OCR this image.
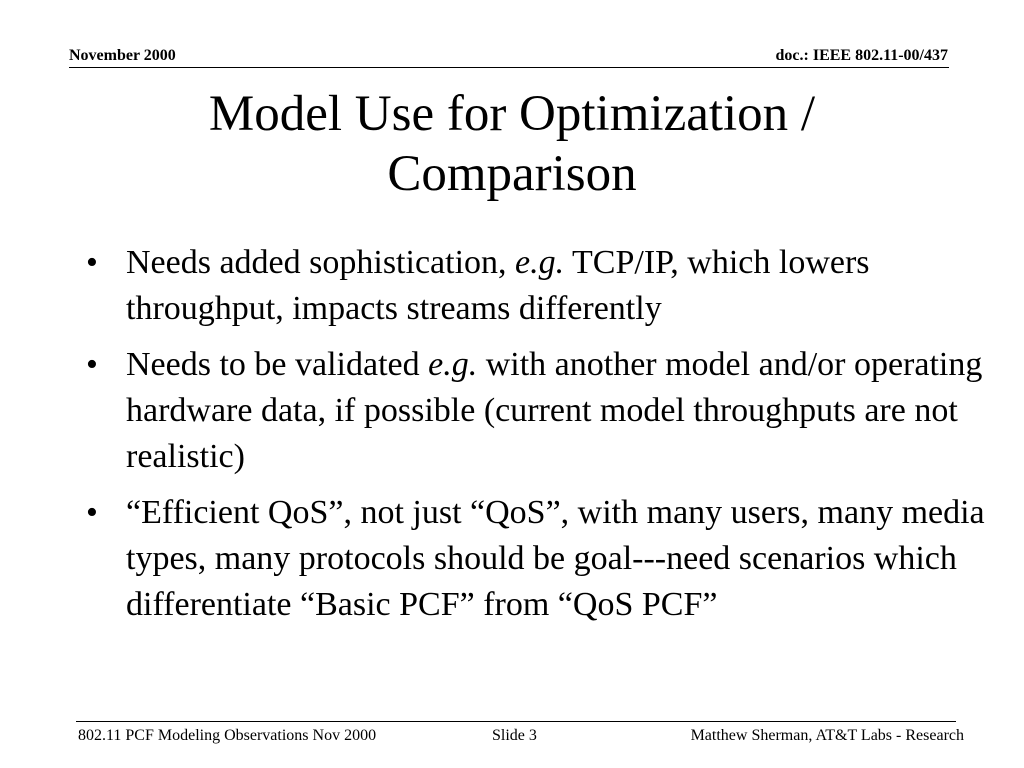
November 2000	doc.: IEEE 802.11-00/437
Model Use for Optimization /
Comparison
• Needs added sophistication, e.g. TCP/IP, which lowers throughput, impacts streams differently
• Needs to be validated e.g. with another model and/or operating hardware data, if possible (current model throughputs are not realistic)
• “Efficient QoS”, not just “QoS”, with many users, many media types, many protocols should be goal---need scenarios which differentiate “Basic PCF” from “QoS PCF”
802.11 PCF Modeling Observations Nov 2000	Slide 3	Matthew Sherman, AT&T Labs - Research
